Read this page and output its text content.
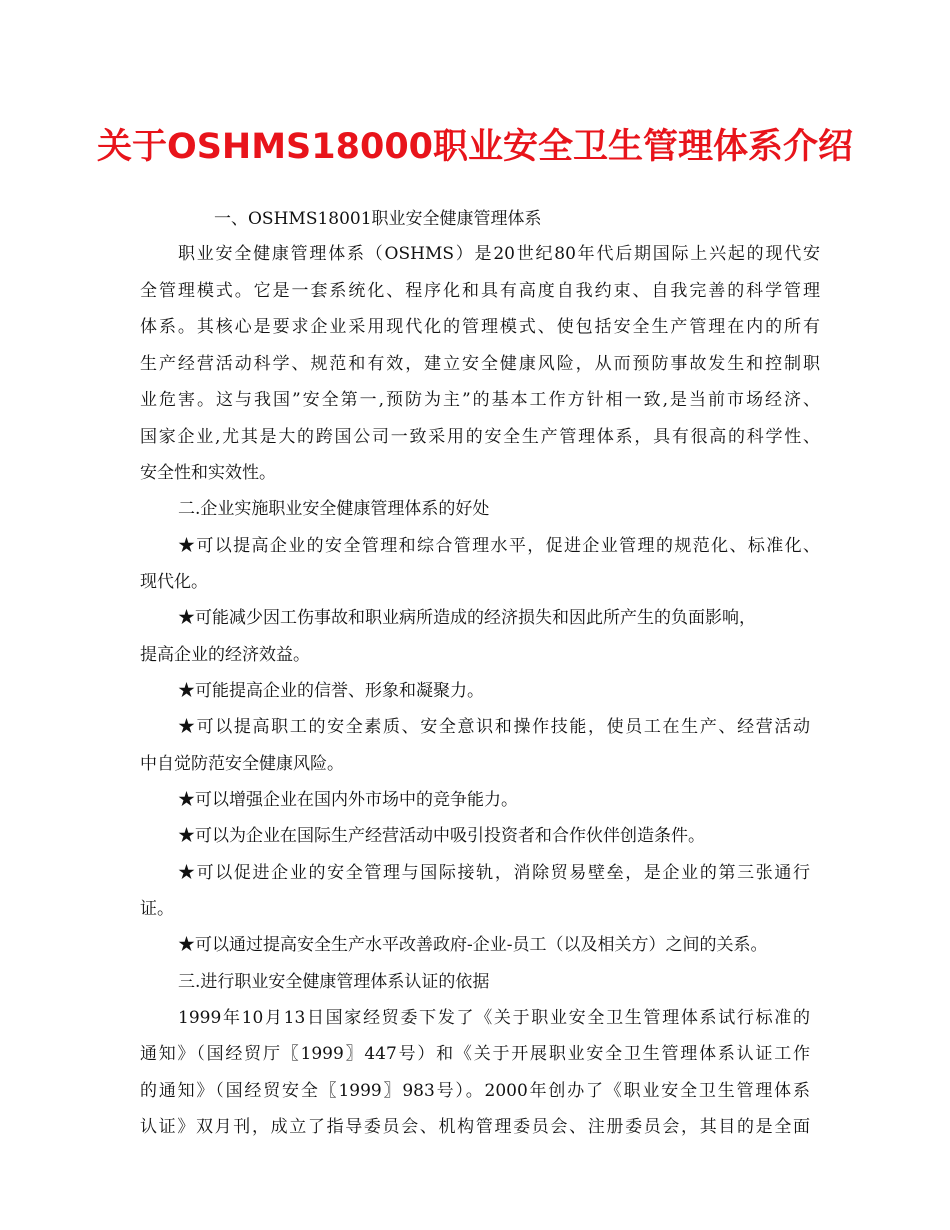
关于OSHMS18000职业安全卫生管理体系介绍
一、OSHMS18001职业安全健康管理体系
职业安全健康管理体系（OSHMS）是20世纪80年代后期国际上兴起的现代安
全管理模式。它是一套系统化、程序化和具有高度自我约束、自我完善的科学管理
体系。其核心是要求企业采用现代化的管理模式、使包括安全生产管理在内的所有
生产经营活动科学、规范和有效，建立安全健康风险，从而预防事故发生和控制职
业危害。这与我国”安全第一,预防为主”的基本工作方针相一致,是当前市场经济、
国家企业,尤其是大的跨国公司一致采用的安全生产管理体系，具有很高的科学性、
安全性和实效性。
二.企业实施职业安全健康管理体系的好处
★可以提高企业的安全管理和综合管理水平，促进企业管理的规范化、标准化、
现代化。
★可能减少因工伤事故和职业病所造成的经济损失和因此所产生的负面影响，
提高企业的经济效益。
★可能提高企业的信誉、形象和凝聚力。
★可以提高职工的安全素质、安全意识和操作技能，使员工在生产、经营活动
中自觉防范安全健康风险。
★可以增强企业在国内外市场中的竞争能力。
★可以为企业在国际生产经营活动中吸引投资者和合作伙伴创造条件。
★可以促进企业的安全管理与国际接轨，消除贸易壁垒，是企业的第三张通行
证。
★可以通过提高安全生产水平改善政府-企业-员工（以及相关方）之间的关系。
三.进行职业安全健康管理体系认证的依据
1999年10月13日国家经贸委下发了《关于职业安全卫生管理体系试行标准的
通知》（国经贸厅〖1999〗447号）和《关于开展职业安全卫生管理体系认证工作
的通知》（国经贸安全〖1999〗983号）。2000年创办了《职业安全卫生管理体系
认证》双月刊，成立了指导委员会、机构管理委员会、注册委员会，其目的是全面
